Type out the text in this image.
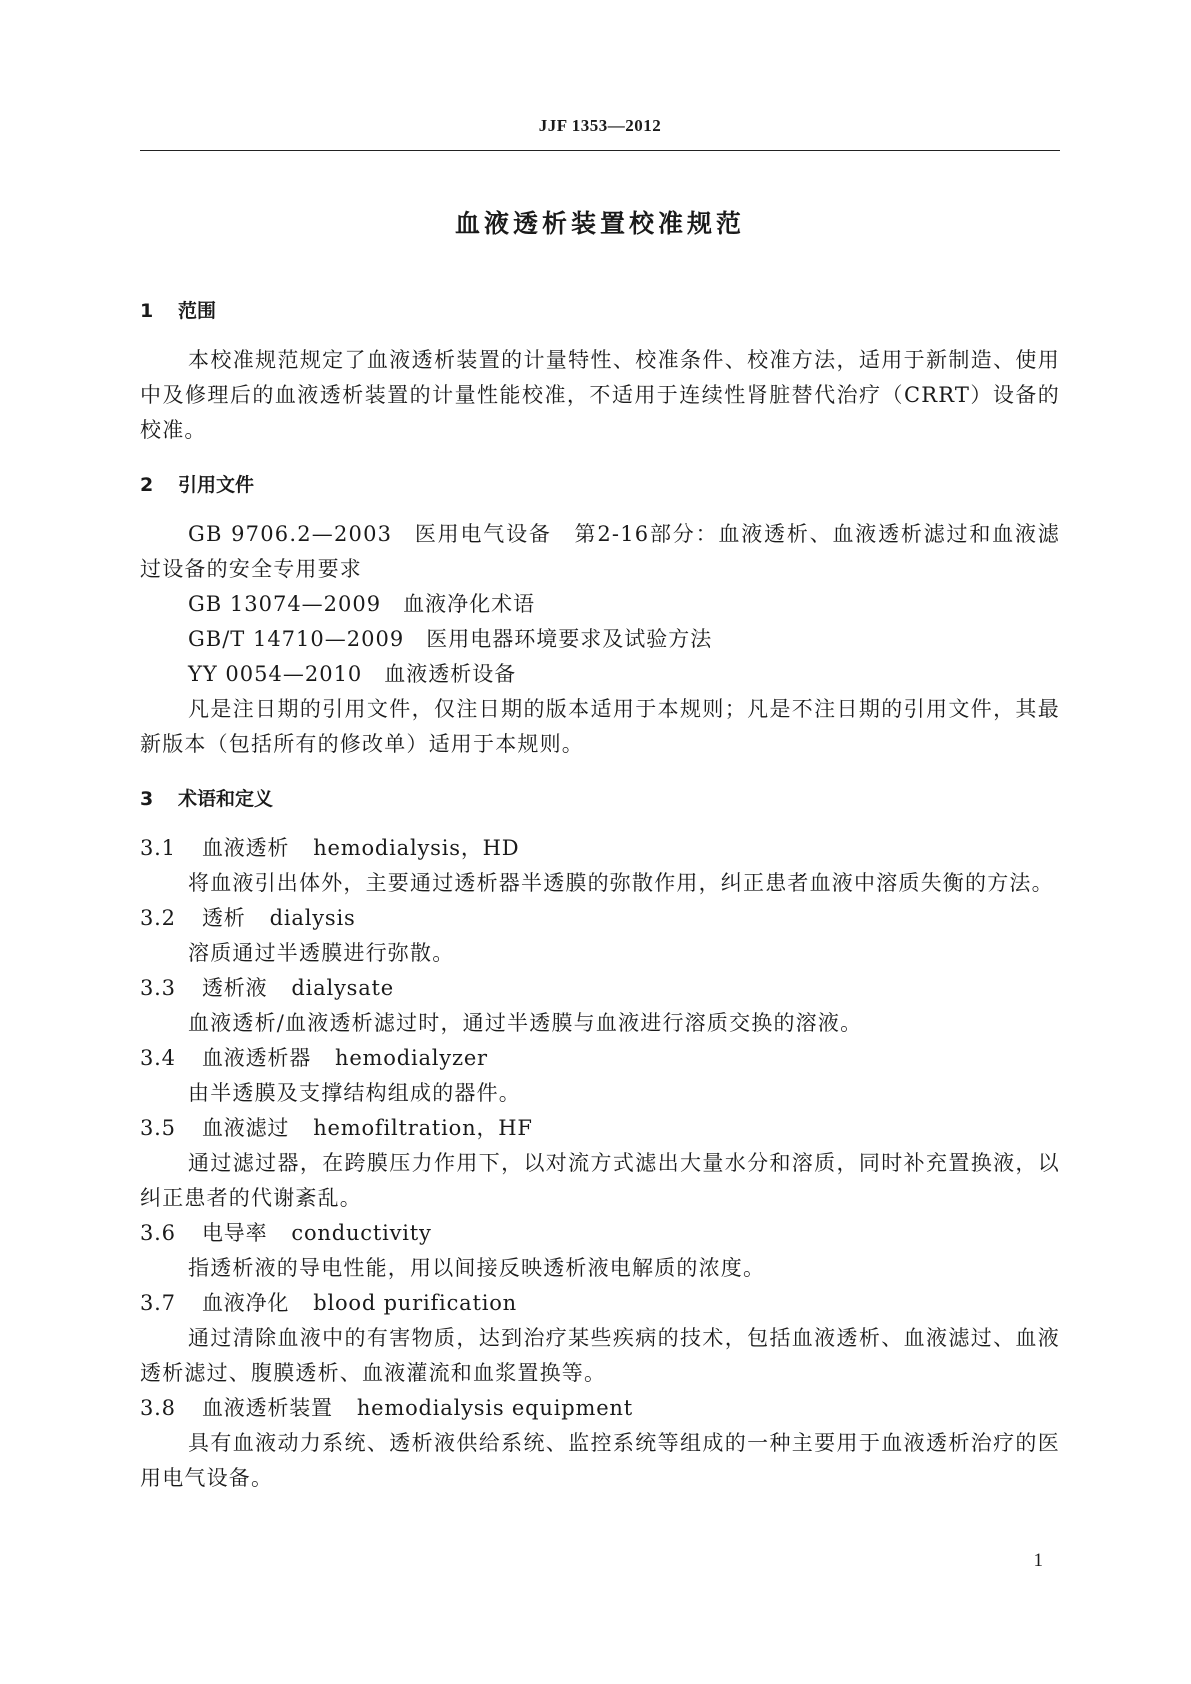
JJF 1353—2012
血液透析装置校准规范

1 范围

本校准规范规定了血液透析装置的计量特性、校准条件、校准方法，适用于新制造、使用中及修理后的血液透析装置的计量性能校准，不适用于连续性肾脏替代治疗（CRRT）设备的校准。

2 引用文件

GB 9706.2—2003 医用电气设备　第2-16部分：血液透析、血液透析滤过和血液滤过设备的安全专用要求

GB 13074—2009 血液净化术语

GB/T 14710—2009 医用电器环境要求及试验方法

YY 0054—2010 血液透析设备

凡是注日期的引用文件，仅注日期的版本适用于本规则；凡是不注日期的引用文件，其最新版本（包括所有的修改单）适用于本规则。

3 术语和定义

3.1 血液透析 hemodialysis，HD

将血液引出体外，主要通过透析器半透膜的弥散作用，纠正患者血液中溶质失衡的方法。

3.2 透析 dialysis

溶质通过半透膜进行弥散。

3.3 透析液 dialysate

血液透析/血液透析滤过时，通过半透膜与血液进行溶质交换的溶液。

3.4 血液透析器 hemodialyzer

由半透膜及支撑结构组成的器件。

3.5 血液滤过 hemofiltration，HF

通过滤过器，在跨膜压力作用下，以对流方式滤出大量水分和溶质，同时补充置换液，以纠正患者的代谢紊乱。

3.6 电导率 conductivity

指透析液的导电性能，用以间接反映透析液电解质的浓度。

3.7 血液净化 blood purification

通过清除血液中的有害物质，达到治疗某些疾病的技术，包括血液透析、血液滤过、血液透析滤过、腹膜透析、血液灌流和血浆置换等。

3.8 血液透析装置 hemodialysis equipment

具有血液动力系统、透析液供给系统、监控系统等组成的一种主要用于血液透析治疗的医用电气设备。

1
